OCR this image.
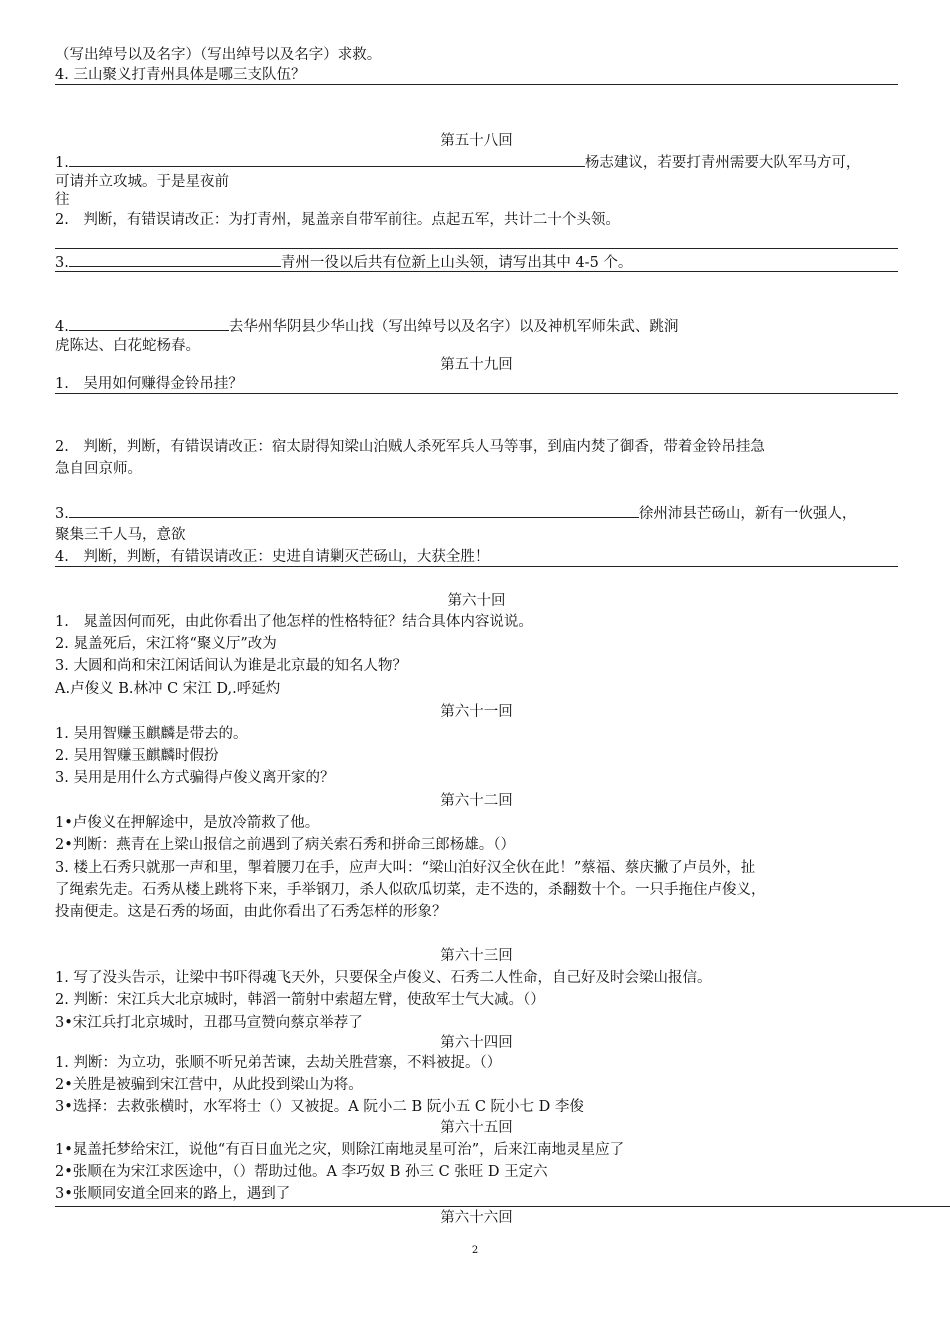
（写出绰号以及名字）（写出绰号以及名字）求救。
4. 三山聚义打青州具体是哪三支队伍？
第五十八回
1.	杨志建议，若要打青州需要大队军马方可，
可请并立攻城。于是星夜前
往
2.　判断，有错误请改正：为打青州，晁盖亲自带军前往。点起五军，共计二十个头领。
3.	青州一役以后共有位新上山头领，请写出其中 4-5 个。
4.	去华州华阴县少华山找（写出绰号以及名字）以及神机军师朱武、跳涧
虎陈达、白花蛇杨春。
第五十九回
1.　吴用如何赚得金铃吊挂？
2.　判断，判断，有错误请改正：宿太尉得知梁山泊贼人杀死军兵人马等事，到庙内焚了御香，带着金铃吊挂急
急自回京师。
3.	徐州沛县芒砀山，新有一伙强人，
聚集三千人马，意欲
4.　判断，判断，有错误请改正：史进自请剿灭芒砀山，大获全胜！
第六十回
1.　晁盖因何而死，由此你看出了他怎样的性格特征？结合具体内容说说。
2. 晁盖死后，宋江将“聚义厅”改为
3. 大圆和尚和宋江闲话间认为谁是北京最的知名人物？
A.卢俊义 B.林冲 C 宋江 D,.呼延灼
第六十一回
1. 吴用智赚玉麒麟是带去的。
2. 吴用智赚玉麒麟时假扮
3. 吴用是用什么方式骗得卢俊义离开家的？
第六十二回
1•卢俊义在押解途中，是放冷箭救了他。
2•判断：燕青在上梁山报信之前遇到了病关索石秀和拼命三郎杨雄。（）
3. 楼上石秀只就那一声和里，掣着腰刀在手，应声大叫：“梁山泊好汉全伙在此！”蔡福、蔡庆撇了卢员外，扯
了绳索先走。石秀从楼上跳将下来，手举钢刀，杀人似砍瓜切菜，走不迭的，杀翻数十个。一只手拖住卢俊义，
投南便走。这是石秀的场面，由此你看出了石秀怎样的形象？
第六十三回
1. 写了没头告示，让梁中书吓得魂飞天外，只要保全卢俊义、石秀二人性命，自己好及时会梁山报信。
2. 判断：宋江兵大北京城时，韩滔一箭射中索超左臂，使敌军士气大减。（）
3•宋江兵打北京城时，丑郡马宣赞向蔡京举荐了
第六十四回
1. 判断：为立功，张顺不听兄弟苦谏，去劫关胜营寨，不料被捉。（）
2•关胜是被骗到宋江营中，从此投到梁山为将。
3•选择：去救张横时，水军将士（）又被捉。A 阮小二 B 阮小五 C 阮小七 D 李俊
第六十五回
1•晁盖托梦给宋江，说他“有百日血光之灾，则除江南地灵星可治”，后来江南地灵星应了
2•张顺在为宋江求医途中，（）帮助过他。A 李巧奴 B 孙三 C 张旺 D 王定六
3•张顺同安道全回来的路上，遇到了
第六十六回
2
